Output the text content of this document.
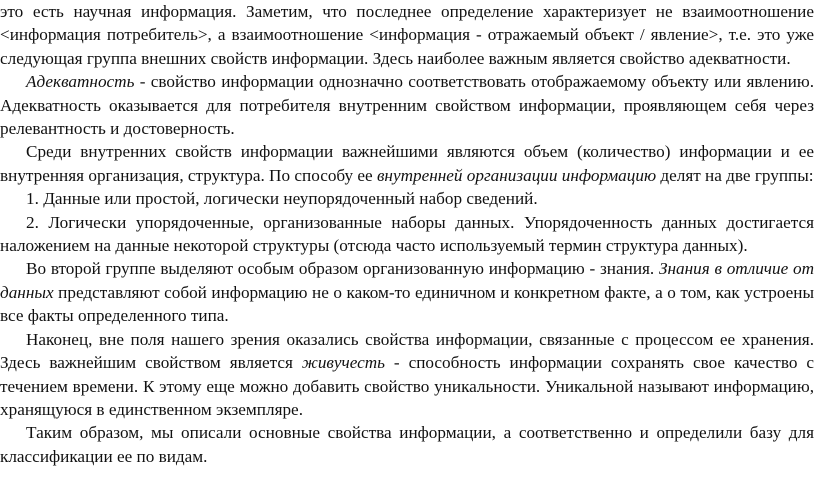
это есть научная информация. Заметим, что последнее определение характеризует не взаимоотношение <информация потребитель>, а взаимоотношение <информация - отражаемый объект / явление>, т.е. это уже следующая группа внешних свойств информации. Здесь наиболее важным является свойство адекватности.

Адекватность - свойство информации однозначно соответствовать отображаемому объекту или явлению. Адекватность оказывается для потребителя внутренним свойством информации, проявляющем себя через релевантность и достоверность.

Среди внутренних свойств информации важнейшими являются объем (количество) информации и ее внутренняя организация, структура. По способу ее внутренней организации информацию делят на две группы:

1. Данные или простой, логически неупорядоченный набор сведений.

2. Логически упорядоченные, организованные наборы данных. Упорядоченность данных достигается наложением на данные некоторой структуры (отсюда часто используемый термин структура данных).

Во второй группе выделяют особым образом организованную информацию - знания. Знания в отличие от данных представляют собой информацию не о каком-то единичном и конкретном факте, а о том, как устроены все факты определенного типа.

Наконец, вне поля нашего зрения оказались свойства информации, связанные с процессом ее хранения. Здесь важнейшим свойством является живучесть - способность информации сохранять свое качество с течением времени. К этому еще можно добавить свойство уникальности. Уникальной называют информацию, хранящуюся в единственном экземпляре.

Таким образом, мы описали основные свойства информации, а соответственно и определили базу для классификации ее по видам.
